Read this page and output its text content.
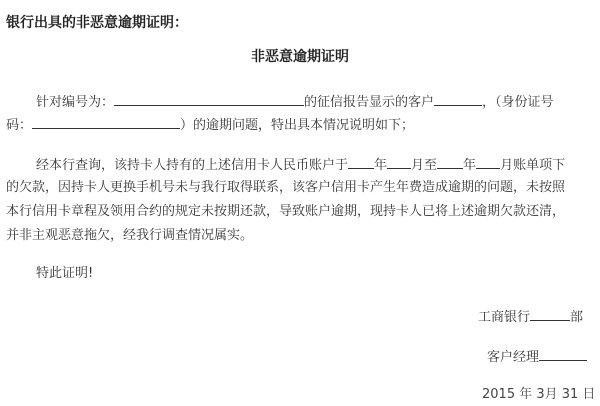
银行出具的非恶意逾期证明：
非恶意逾期证明
针对编号为：	的征信报告显示的客户	，（身份证号
码：	）的逾期问题，特出具本情况说明如下；
经本行查询，该持卡人持有的上述信用卡人民币账户于 年 月至 年 月账单项下
的欠款，因持卡人更换手机号未与我行取得联系，该客户信用卡产生年费造成逾期的问题，未按照
本行信用卡章程及领用合约的规定未按期还款，导致账户逾期，现持卡人已将上述逾期欠款还清，
并非主观恶意拖欠，经我行调查情况属实。
特此证明!
工商银行	部
客户经理
2015 年 3月 31 日
